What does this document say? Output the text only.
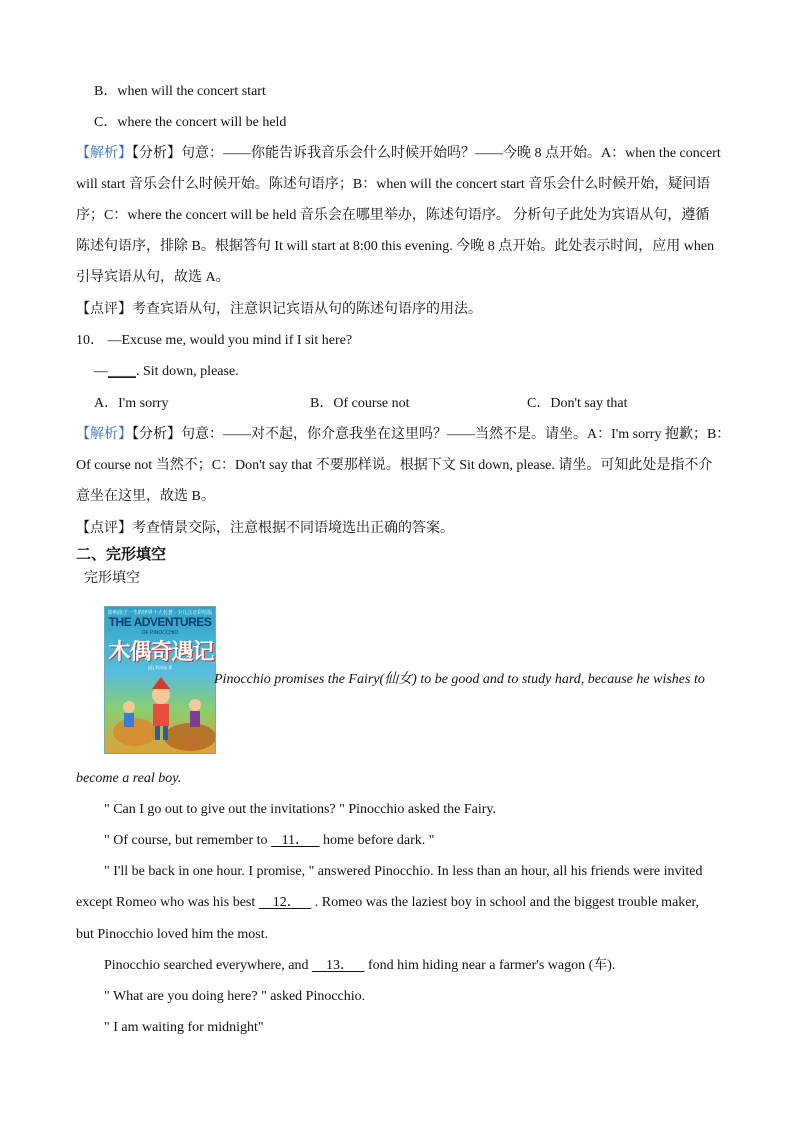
B．when will the concert start
C．where the concert will be held
【解析】【分析】句意：——你能告诉我音乐会什么时候开始吗？——今晚 8 点开始。A：when the concert
will start 音乐会什么时候开始。陈述句语序；B：when will the concert start 音乐会什么时候开始，疑问语
序；C：where the concert will be held 音乐会在哪里举办，陈述句语序。 分析句子此处为宾语从句，遵循
陈述句语序，排除 B。根据答句 It will start at 8:00 this evening. 今晚 8 点开始。此处表示时间，应用 when
引导宾语从句，故选 A。
【点评】考查宾语从句，注意识记宾语从句的陈述句语序的用法。
10． —Excuse me, would you mind if I sit here?
—____. Sit down, please.
A．I'm sorry	B．Of course not	C．Don't say that
【解析】【分析】句意：——对不起，你介意我坐在这里吗？——当然不是。请坐。A：I'm sorry 抱歉；B：
Of course not 当然不；C：Don't say that 不要那样说。根据下文 Sit down, please. 请坐。可知此处是指不介
意坐在这里，故选 B。
【点评】考查情景交际，注意根据不同语境选出正确的答案。
二、完形填空
完形填空
影响孩子一生的世界十大名著 · 少儿注音彩绘版
THE ADVENTURES
OF PINOCCHIO
木偶奇遇记
[意] 科洛迪 著
Pinocchio promises the Fairy(仙女) to be good and to study hard, because he wishes to
become a real boy.
" Can I go out to give out the invitations? " Pinocchio asked the Fairy.
" Of course, but remember to    11．    home before dark. "
" I'll be back in one hour. I promise, " answered Pinocchio. In less than an hour, all his friends were invited
except Romeo who was his best     12．    . Romeo was the laziest boy in school and the biggest trouble maker,
but Pinocchio loved him the most.
Pinocchio searched everywhere, and     13．    fond him hiding near a farmer's wagon (车).
" What are you doing here? " asked Pinocchio.
" I am waiting for midnight"
